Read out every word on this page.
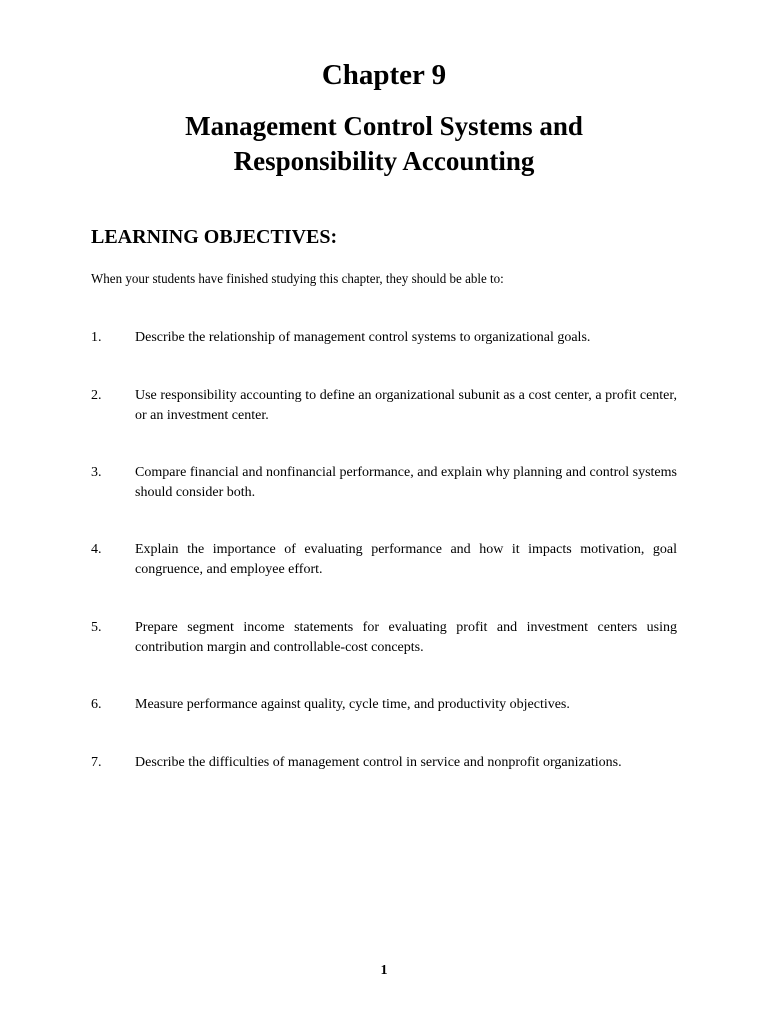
Chapter 9
Management Control Systems and
Responsibility Accounting
LEARNING OBJECTIVES:
When your students have finished studying this chapter, they should be able to:
1. Describe the relationship of management control systems to organizational goals.
2. Use responsibility accounting to define an organizational subunit as a cost center, a profit center, or an investment center.
3. Compare financial and nonfinancial performance, and explain why planning and control systems should consider both.
4. Explain the importance of evaluating performance and how it impacts motivation, goal congruence, and employee effort.
5. Prepare segment income statements for evaluating profit and investment centers using contribution margin and controllable-cost concepts.
6. Measure performance against quality, cycle time, and productivity objectives.
7. Describe the difficulties of management control in service and nonprofit organizations.
1
